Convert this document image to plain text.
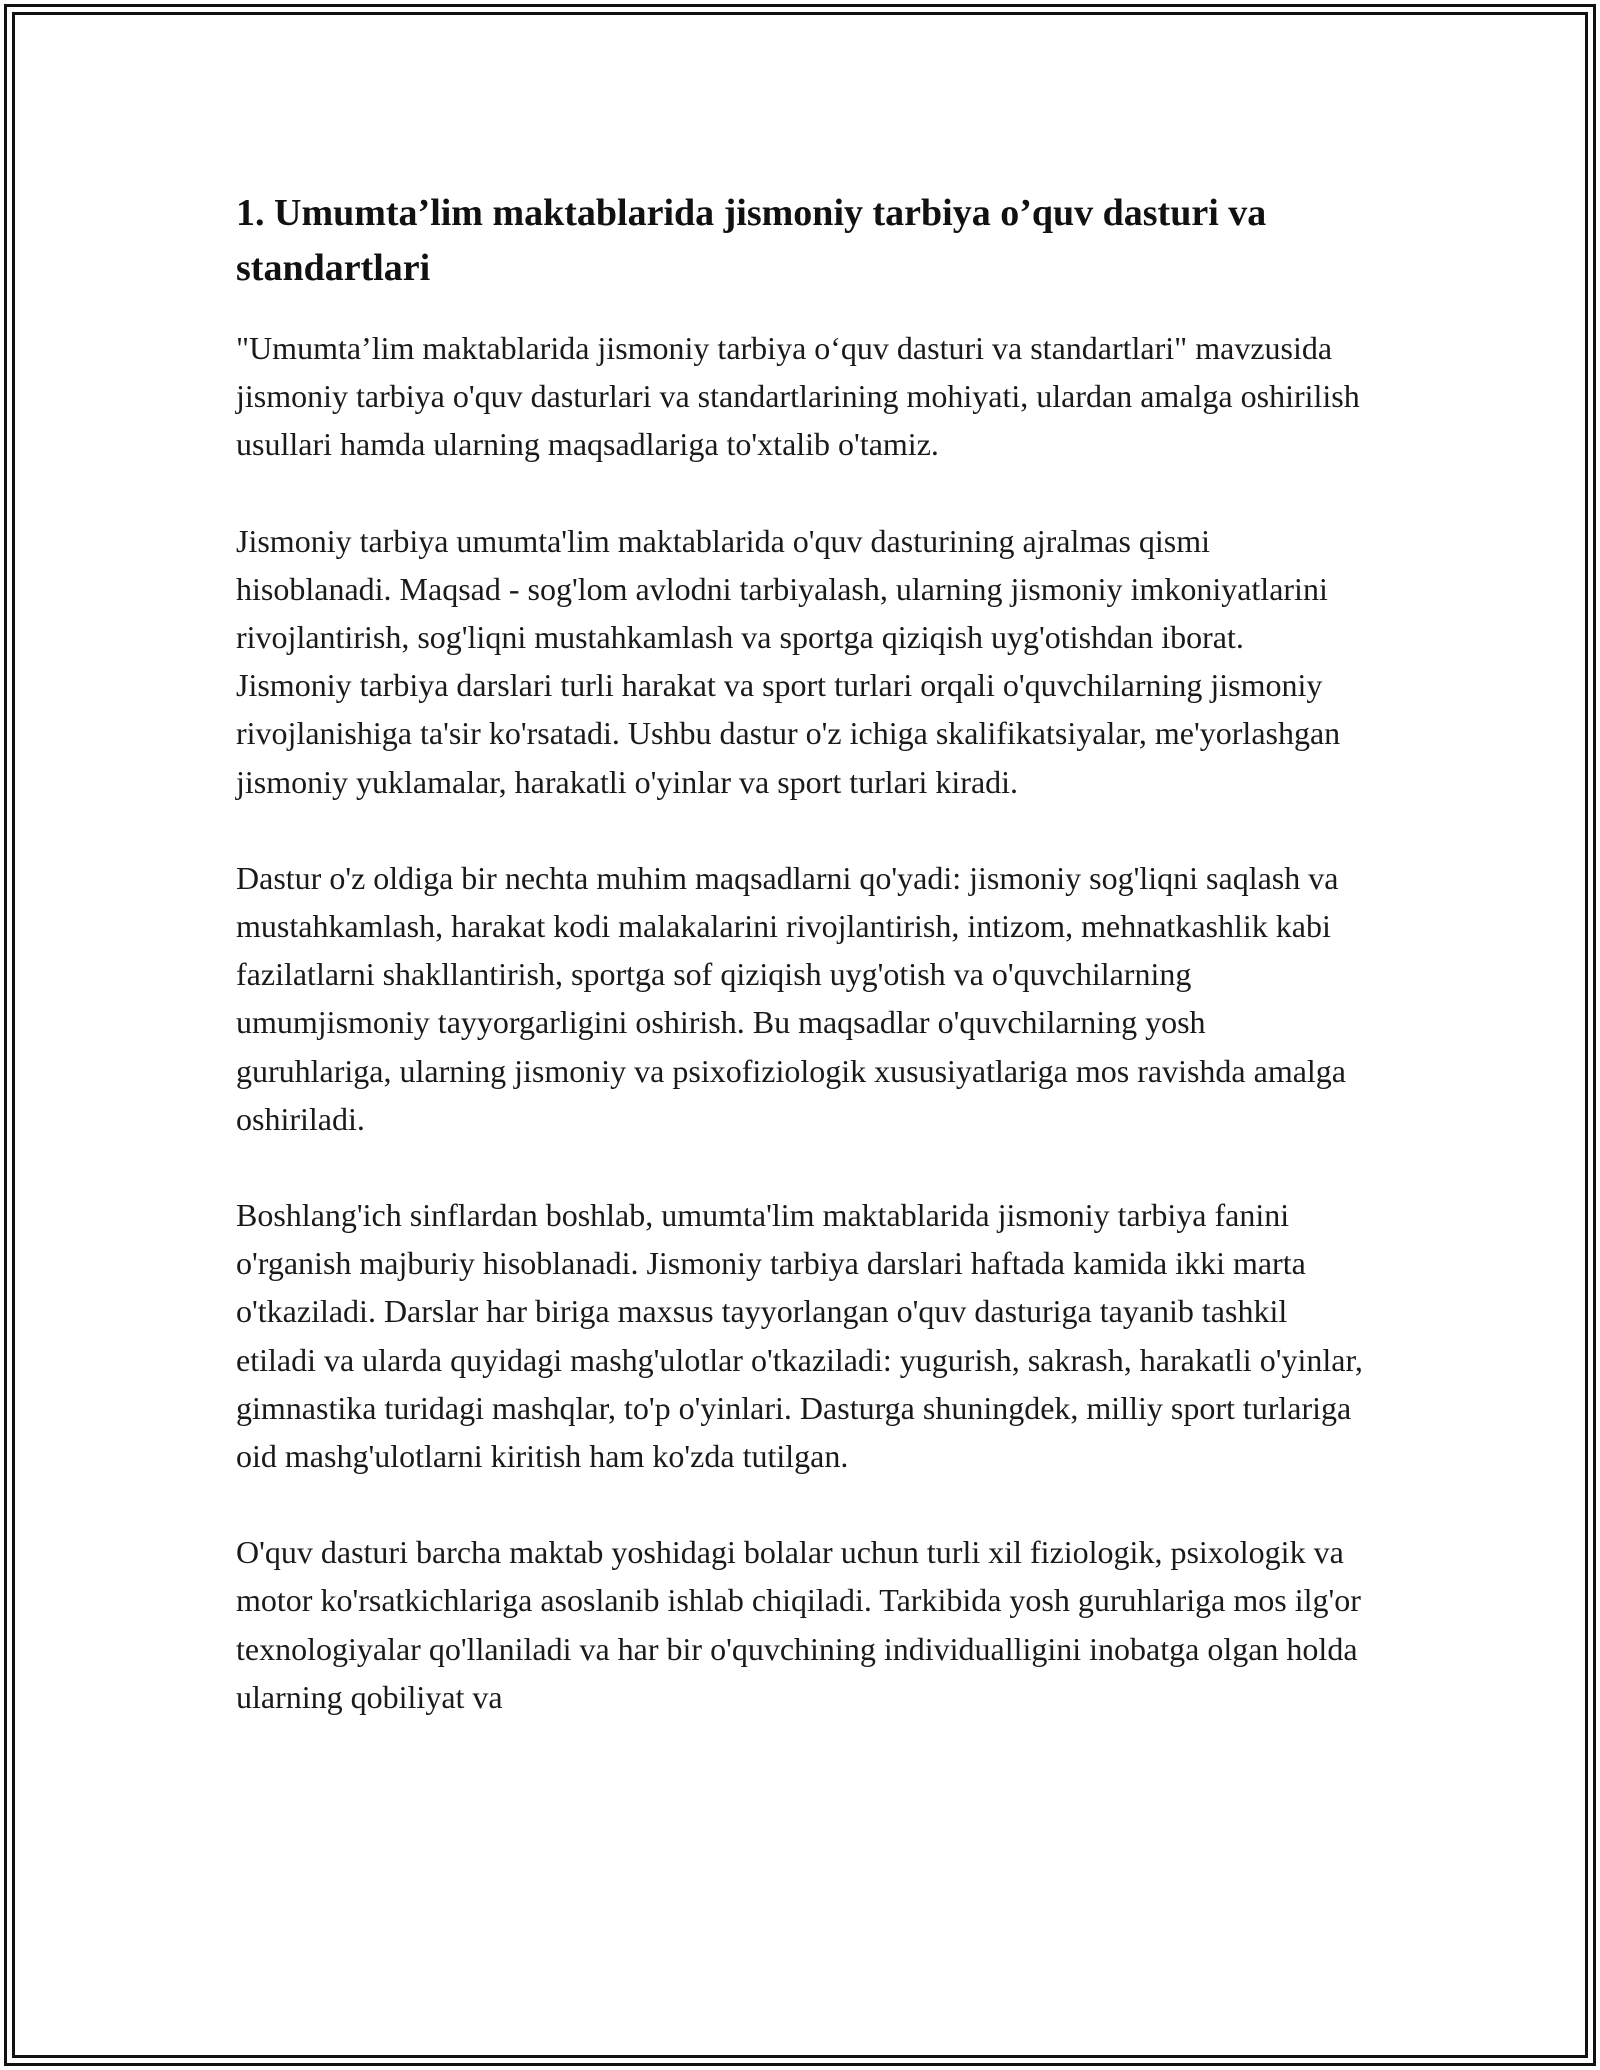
1. Umumta’lim maktablarida jismoniy tarbiya o’quv dasturi va standartlari

"Umumta’lim maktablarida jismoniy tarbiya o‘quv dasturi va standartlari" mavzusida jismoniy tarbiya o'quv dasturlari va standartlarining mohiyati, ulardan amalga oshirilish usullari hamda ularning maqsadlariga to'xtalib o'tamiz.

Jismoniy tarbiya umumta'lim maktablarida o'quv dasturining ajralmas qismi hisoblanadi. Maqsad - sog'lom avlodni tarbiyalash, ularning jismoniy imkoniyatlarini rivojlantirish, sog'liqni mustahkamlash va sportga qiziqish uyg'otishdan iborat. Jismoniy tarbiya darslari turli harakat va sport turlari orqali o'quvchilarning jismoniy rivojlanishiga ta'sir ko'rsatadi. Ushbu dastur o'z ichiga skalifikatsiyalar, me'yorlashgan jismoniy yuklamalar, harakatli o'yinlar va sport turlari kiradi.

Dastur o'z oldiga bir nechta muhim maqsadlarni qo'yadi: jismoniy sog'liqni saqlash va mustahkamlash, harakat kodi malakalarini rivojlantirish, intizom, mehnatkashlik kabi fazilatlarni shakllantirish, sportga sof qiziqish uyg'otish va o'quvchilarning umumjismoniy tayyorgarligini oshirish. Bu maqsadlar o'quvchilarning yosh guruhlariga, ularning jismoniy va psixofiziologik xususiyatlariga mos ravishda amalga oshiriladi.

Boshlang'ich sinflardan boshlab, umumta'lim maktablarida jismoniy tarbiya fanini o'rganish majburiy hisoblanadi. Jismoniy tarbiya darslari haftada kamida ikki marta o'tkaziladi. Darslar har biriga maxsus tayyorlangan o'quv dasturiga tayanib tashkil etiladi va ularda quyidagi mashg'ulotlar o'tkaziladi: yugurish, sakrash, harakatli o'yinlar, gimnastika turidagi mashqlar, to'p o'yinlari. Dasturga shuningdek, milliy sport turlariga oid mashg'ulotlarni kiritish ham ko'zda tutilgan.

O'quv dasturi barcha maktab yoshidagi bolalar uchun turli xil fiziologik, psixologik va motor ko'rsatkichlariga asoslanib ishlab chiqiladi. Tarkibida yosh guruhlariga mos ilg'or texnologiyalar qo'llaniladi va har bir o'quvchining individualligini inobatga olgan holda ularning qobiliyat va
